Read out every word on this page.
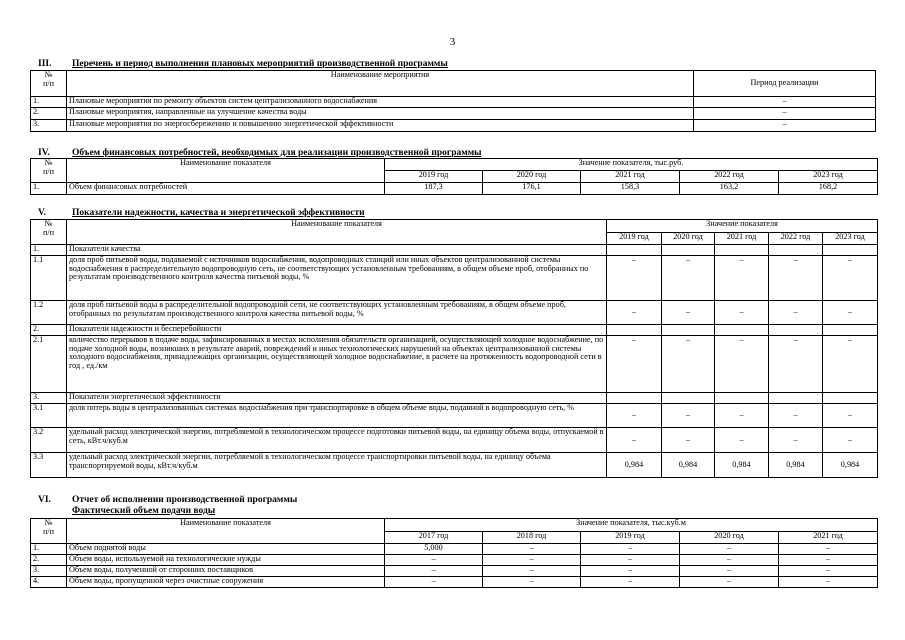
3
III. Перечень и период выполнения плановых мероприятий производственной программы
№
п/п	Наименование мероприятия	Период реализации
1.	Плановые мероприятия по ремонту объектов систем централизованного водоснабжения	–
2.	Плановые мероприятия, направленные на улучшение качества воды	–
3.	Плановые мероприятия по энергосбережению и повышению энергетической эффективности	–
IV. Объем финансовых потребностей, необходимых для реализации производственной программы
№
п/п	Наименование показателя	Значение показателя, тыс.руб.				
		2019 год	2020 год	2021 год	2022 год	2023 год
1.	Объем финансовых потребностей	187,3	176,1	158,3	163,2	168,2
V.	Показатели надежности, качества и энергетической эффективности
№
п/п	Наименование показателя	Значение показателя				
		2019 год	2020 год	2021 год	2022 год	2023 год
1.	Показатели качества					
1.1	доля проб питьевой воды, подаваемой с источников водоснабжения, водопроводных станций или иных объектов централизованной системы водоснабжения в распределительную водопроводную сеть, не соответствующих установленным требованиям, в общем объеме проб, отобранных по результатам производственного контроля качества питьевой воды, %	–	–	–	–	–
1.2	доля проб питьевой воды в распределительной водопроводной сети, не соответствующих установленным требованиям, в общем объеме проб, отобранных по результатам производственного контроля качества питьевой воды, %	–	–	–	–	–
2.	Показатели надежности и бесперебойности					
2.1	количество перерывов в подаче воды, зафиксированных в местах исполнения обязательств организацией, осуществляющей холодное водоснабжение, по подаче холодной воды, возникших в результате аварий, повреждений и иных технологических нарушений на объектах централизованной системы холодного водоснабжения, принадлежащих организации, осуществляющей холодное водоснабжение, в расчете на протяженность водопроводной сети в год , ед./км	–	–	–	–	–
3.	Показатели энергетической эффективности					
3.1	доля потерь воды в централизованных системах водоснабжения при транспортировке в общем объеме воды, поданной в водопроводную сеть, %	–	–	–	–	–
3.2	удельный расход электрической энергии, потребляемой в технологическом процессе подготовки питьевой воды, на единицу объема воды, отпускаемой в сеть, кВт.ч/куб.м	–	–	–	–	–
3.3	удельный расход электрической энергии, потребляемой в технологическом процессе транспортировки питьевой воды, на единицу объема транспортируемой воды, кВт.ч/куб.м	0,984	0,984	0,984	0,984	0,984
VI. Отчет об исполнении производственной программы
Фактический объем подачи воды
№
п/п	Наименование показателя	Значение показателя, тыс.куб.м				
		2017 год	2018 год	2019 год	2020 год	2021 год
1.	Объем поднятой воды	5,000	–	–	–	–
2.	Объем воды, используемой на технологические нужды	–	–	–	–	–
3.	Объем воды, полученной от сторонних поставщиков	–	–	–	–	–
4.	Объем воды, пропущенной через очистные сооружения	–	–	–	–	–
